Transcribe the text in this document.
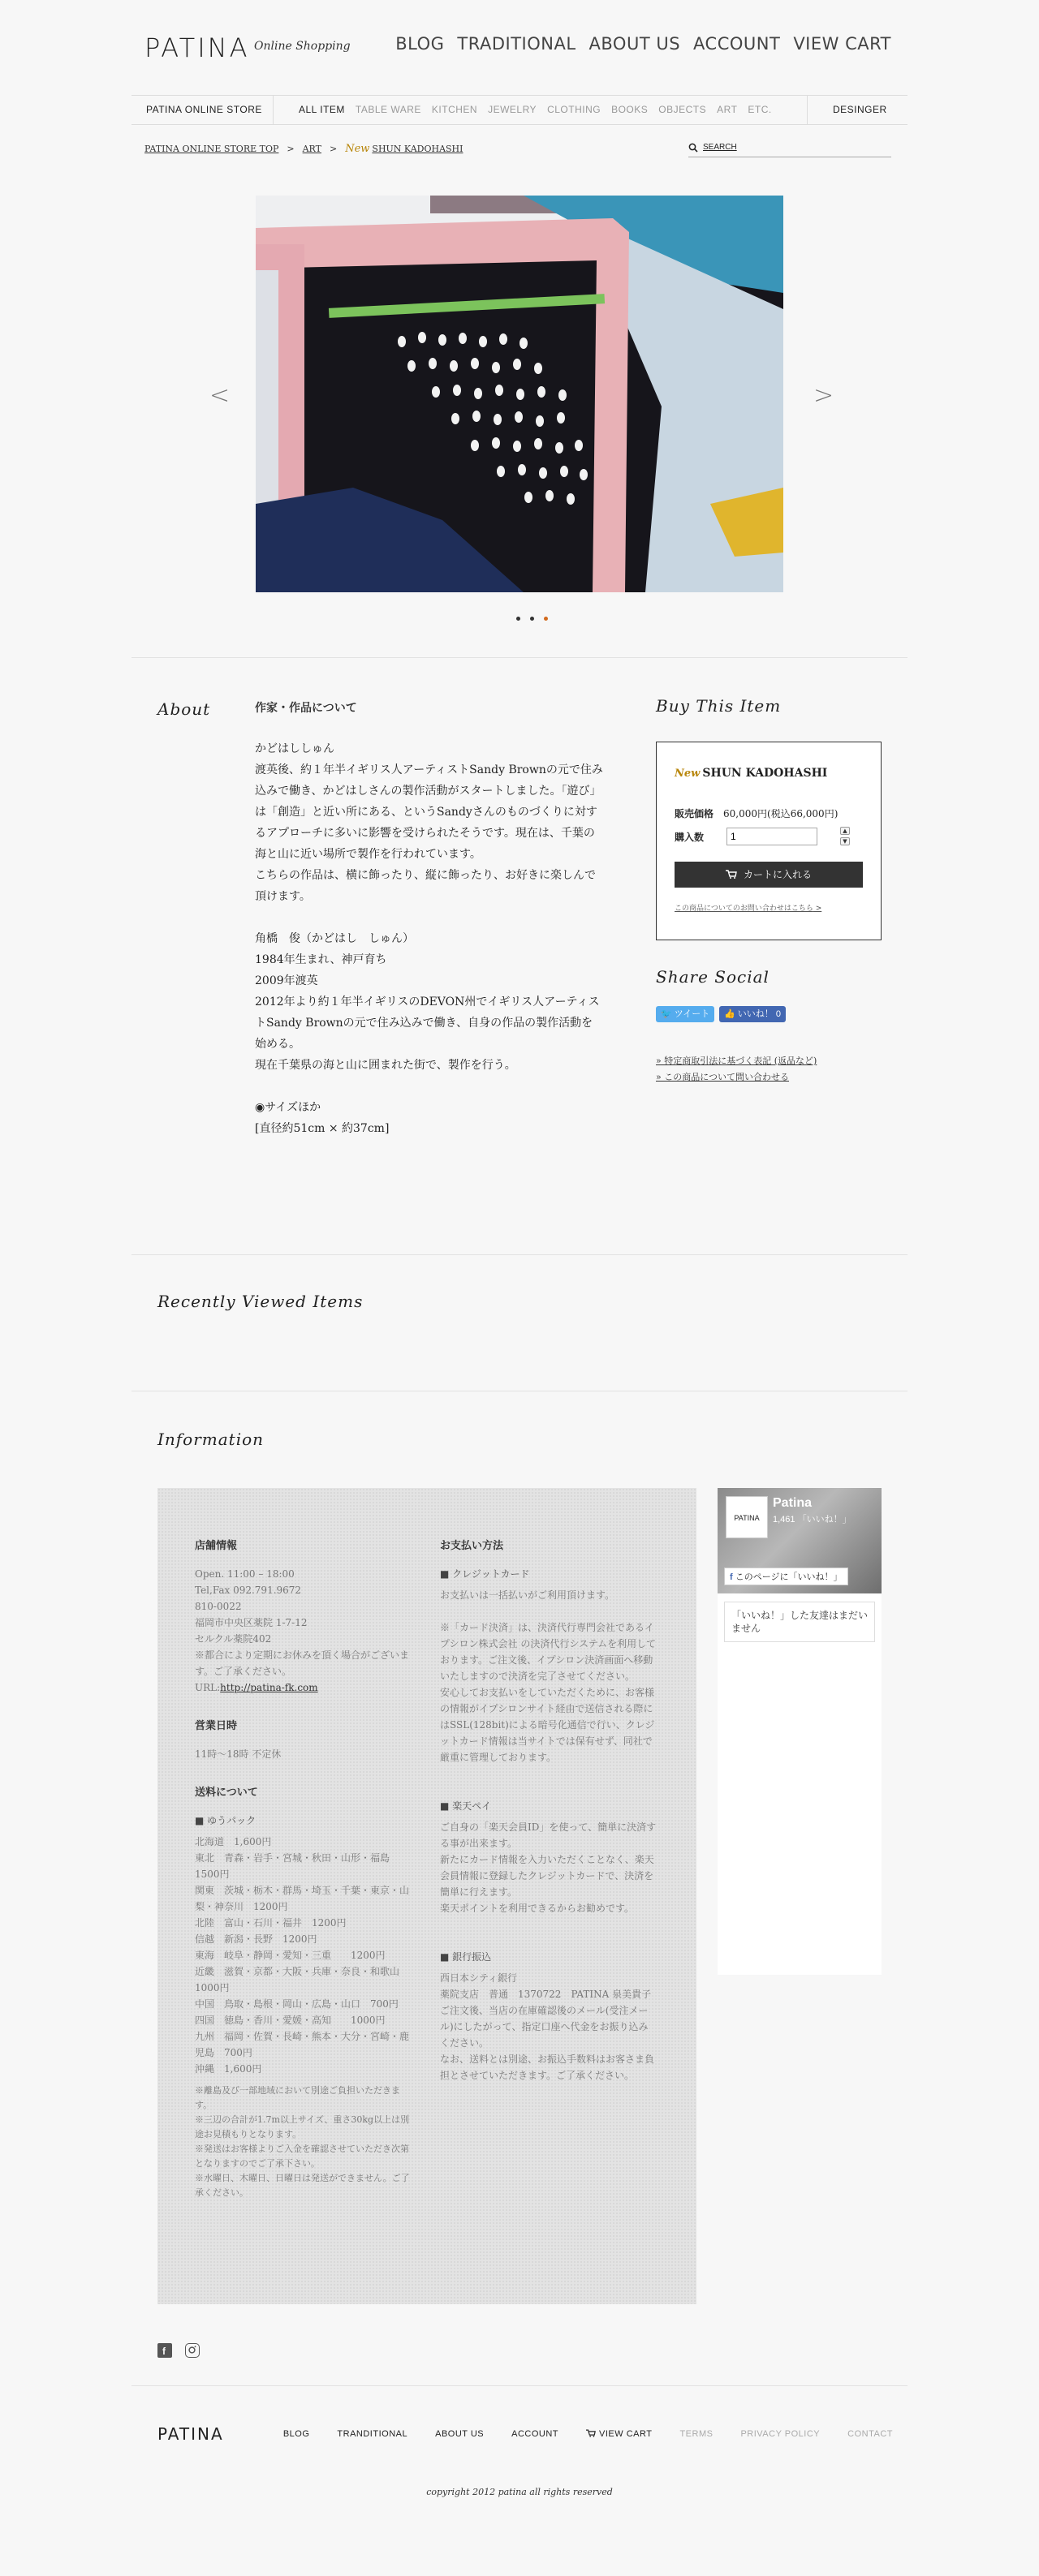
PATINA Online Shopping	BLOG TRADITIONAL ABOUT US ACCOUNT VIEW CART
PATINA ONLINE STORE	ALL ITEM TABLE WARE KITCHEN JEWELRY CLOTHING BOOKS OBJECTS ART ETC.	DESINGER
PATINA ONLINE STORE TOP > ART > New SHUN KADOHASHI	SEARCH
<	>
About	作家・作品について

かどはししゅん

渡英後、約１年半イギリス人アーティストSandy Brownの元で住み込みで働き、かどはしさんの製作活動がスタートしました。「遊び」は「創造」と近い所にある、というSandyさんのものづくりに対するアプローチに多いに影響を受けられたそうです。現在は、千葉の海と山に近い場所で製作を行われています。

こちらの作品は、横に飾ったり、縦に飾ったり、お好きに楽しんで頂けます。

角橋　俊（かどはし　しゅん）

1984年生まれ、神戸育ち

2009年渡英

2012年より約１年半イギリスのDEVON州でイギリス人アーティストSandy Brownの元で住み込みで働き、自身の作品の製作活動を始める。

現在千葉県の海と山に囲まれた街で、製作を行う。

◉サイズほか

[直径約51cm × 約37cm]

Buy This Item
New SHUN KADOHASHI
販売価格　 60,000円(税込66,000円)
購入数
1
▲
▼
カートに入れる
この商品についてのお問い合わせはこちら >
Share Social
🐦 ツイート	👍 いいね！ 0
» 特定商取引法に基づく表記 (返品など)
» この商品について問い合わせる
Recently Viewed Items
Information
店舗情報

Open. 11:00 – 18:00

Tel,Fax 092.791.9672

810-0022

福岡市中央区薬院 1-7-12

セルクル薬院402

※都合により定期にお休みを頂く場合がございます。ご了承ください。

URL:http://patina-fk.com

営業日時

11時〜18時 不定休

送料について
■ ゆうパック

北海道　1,600円

東北　青森・岩手・宮城・秋田・山形・福島　1500円

関東　茨城・栃木・群馬・埼玉・千葉・東京・山梨・神奈川　1200円

北陸　富山・石川・福井　1200円

信越　新潟・長野　1200円

東海　岐阜・静岡・愛知・三重　　1200円

近畿　滋賀・京都・大阪・兵庫・奈良・和歌山　1000円

中国　鳥取・島根・岡山・広島・山口　700円

四国　徳島・香川・愛媛・高知　　1000円

九州　福岡・佐賀・長崎・熊本・大分・宮崎・鹿児島　700円

沖縄　1,600円

※離島及び一部地域において別途ご負担いただきます。

※三辺の合計が1.7m以上サイズ、重さ30kg以上は別途お見積もりとなります。

※発送はお客様よりご入金を確認させていただき次第となりますのでご了承下さい。

※水曜日、木曜日、日曜日は発送ができません。ご了承ください。

お支払い方法
■ クレジットカード

お支払いは一括払いがご利用頂けます。

※「カード決済」は、決済代行専門会社であるイプシロン株式会社 の決済代行システムを利用しております。ご注文後、イプシロン決済画面へ移動いたしますので決済を完了させてください。

安心してお支払いをしていただくために、お客様の情報がイプシロンサイト経由で送信される際にはSSL(128bit)による暗号化通信で行い、クレジットカード情報は当サイトでは保有せず、同社で厳重に管理しております。

■ 楽天ペイ

ご自身の「楽天会員ID」を使って、簡単に決済する事が出来ます。

新たにカード情報を入力いただくことなく、楽天会員情報に登録したクレジットカードで、決済を簡単に行えます。

楽天ポイントを利用できるからお勧めです。

■ 銀行振込

西日本シティ銀行

薬院支店　普通　1370722　PATINA 泉美貴子

ご注文後、当店の在庫確認後のメール(受注メール)にしたがって、指定口座へ代金をお振り込みください。

なお、送料とは別途、お振込手数料はお客さま負担とさせていただきます。ご了承ください。

PATINA
Patina
1,461 「いいね！」
f このページに「いいね！」
「いいね！」した友達はまだいません
f
PATINA	BLOG	TRANDITIONAL	ABOUT US	ACCOUNT	VIEW CART	TERMS	PRIVACY POLICY	CONTACT
copyright 2012 patina all rights reserved
